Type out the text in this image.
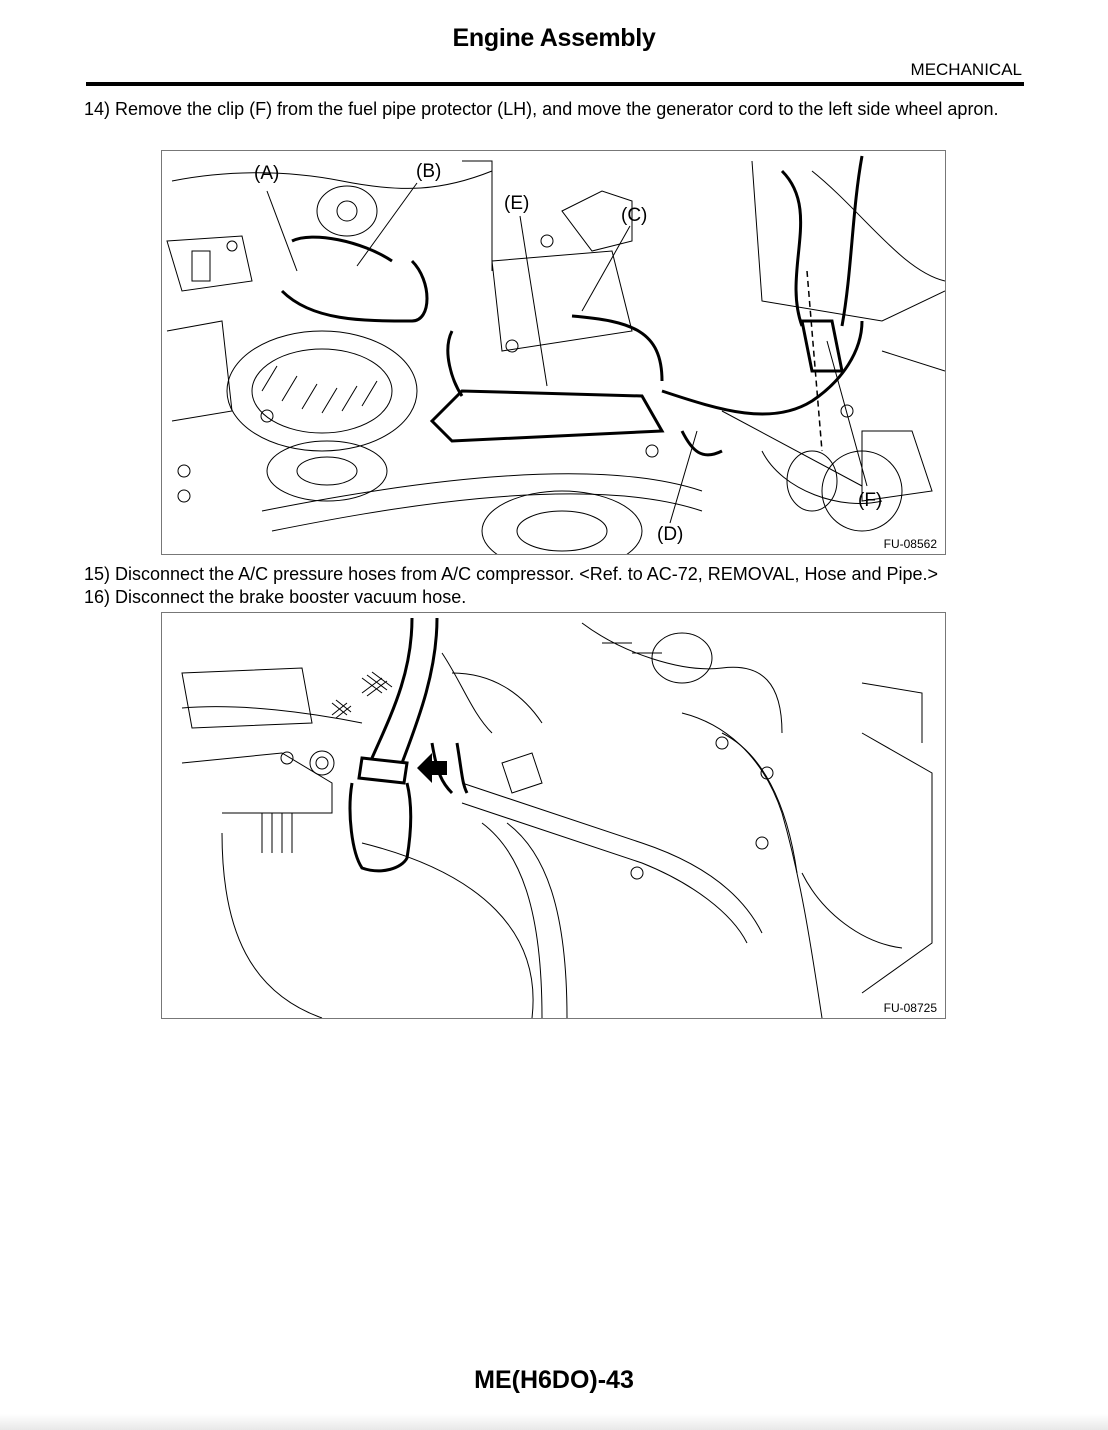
Engine Assembly
MECHANICAL
14) Remove the clip (F) from the fuel pipe protector (LH), and move the generator cord to the left side wheel apron.
(A)	(B)
(C)
(D)
(E)
(F)
FU-08562
15) Disconnect the A/C pressure hoses from A/C compressor. <Ref. to AC-72, REMOVAL, Hose and Pipe.>
16) Disconnect the brake booster vacuum hose.
FU-08725
ME(H6DO)-43
